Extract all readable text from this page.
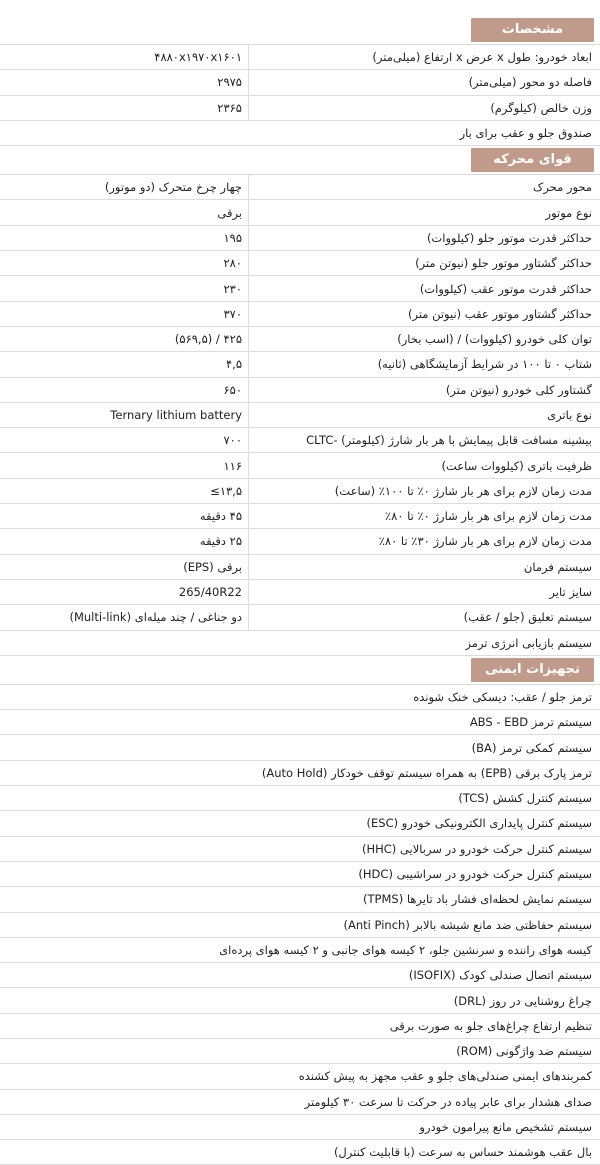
مشخصات
ابعاد خودرو: طول x عرض x ارتفاع (میلی‌متر)
۴۸۸۰x۱۹۷۰x۱۶۰۱
فاصله دو محور (میلی‌متر)
۲۹۷۵
وزن خالص (کیلوگرم)
۲۳۶۵
صندوق جلو و عقب برای بار
قوای محرکه
محور محرک
چهار چرخ متحرک (دو موتور)
نوع موتور
برقی
حداکثر قدرت موتور جلو (کیلووات)
۱۹۵
حداکثر گشتاور موتور جلو (نیوتن متر)
۲۸۰
حداکثر قدرت موتور عقب (کیلووات)
۲۳۰
حداکثر گشتاور موتور عقب (نیوتن متر)
۳۷۰
توان کلی خودرو (کیلووات) / (اسب بخار)
۴۲۵ / (۵۶۹,۵)
شتاب ۰ تا ۱۰۰ در شرایط آزمایشگاهی (ثانیه)
۴,۵
گشتاور کلی خودرو (نیوتن متر)
۶۵۰
نوع باتری
Ternary lithium battery
بیشینه مسافت قابل پیمایش با هر بار شارژ (کیلومتر) -CLTC
۷۰۰
ظرفیت باتری (کیلووات ساعت)
۱۱۶
مدت زمان لازم برای هر بار شارژ ۰٪ تا ۱۰۰٪ (ساعت)
۱۳,۵≥
مدت زمان لازم برای هر بار شارژ ۰٪ تا ۸۰٪
۴۵ دقیقه
مدت زمان لازم برای هر بار شارژ ۳۰٪ تا ۸۰٪
۲۵ دقیقه
سیستم فرمان
برقی (EPS)
سایز تایر
265/40R22
سیستم تعلیق (جلو / عقب)
دو جناغی / چند میله‌ای (Multi-link)
سیستم بازیابی انرژی ترمز
تجهیزات ایمنی
ترمز جلو / عقب: دیسکی خنک شونده
سیستم ترمز ABS - EBD
سیستم کمکی ترمز (BA)
ترمز پارک برقی (EPB) به همراه سیستم توقف خودکار (Auto Hold)
سیستم کنترل کشش (TCS)
سیستم کنترل پایداری الکترونیکی خودرو (ESC)
سیستم کنترل حرکت خودرو در سربالایی (HHC)
سیستم کنترل حرکت خودرو در سراشیبی (HDC)
سیستم نمایش لحظه‌ای فشار باد تایرها (TPMS)
سیستم حفاظتی ضد مانع شیشه بالابر (Anti Pinch)
کیسه هوای راننده و سرنشین جلو، ۲ کیسه هوای جانبی و ۲ کیسه هوای پرده‌ای
سیستم اتصال صندلی کودک (ISOFIX)
چراغ روشنایی در روز (DRL)
تنظیم ارتفاع چراغ‌های جلو به صورت برقی
سیستم ضد واژگونی (ROM)
کمربندهای ایمنی صندلی‌های جلو و عقب مجهز به پیش کشنده
صدای هشدار برای عابر پیاده در حرکت تا سرعت ۳۰ کیلومتر
سیستم تشخیص مانع پیرامون خودرو
بال عقب هوشمند حساس به سرعت (با قابلیت کنترل)
